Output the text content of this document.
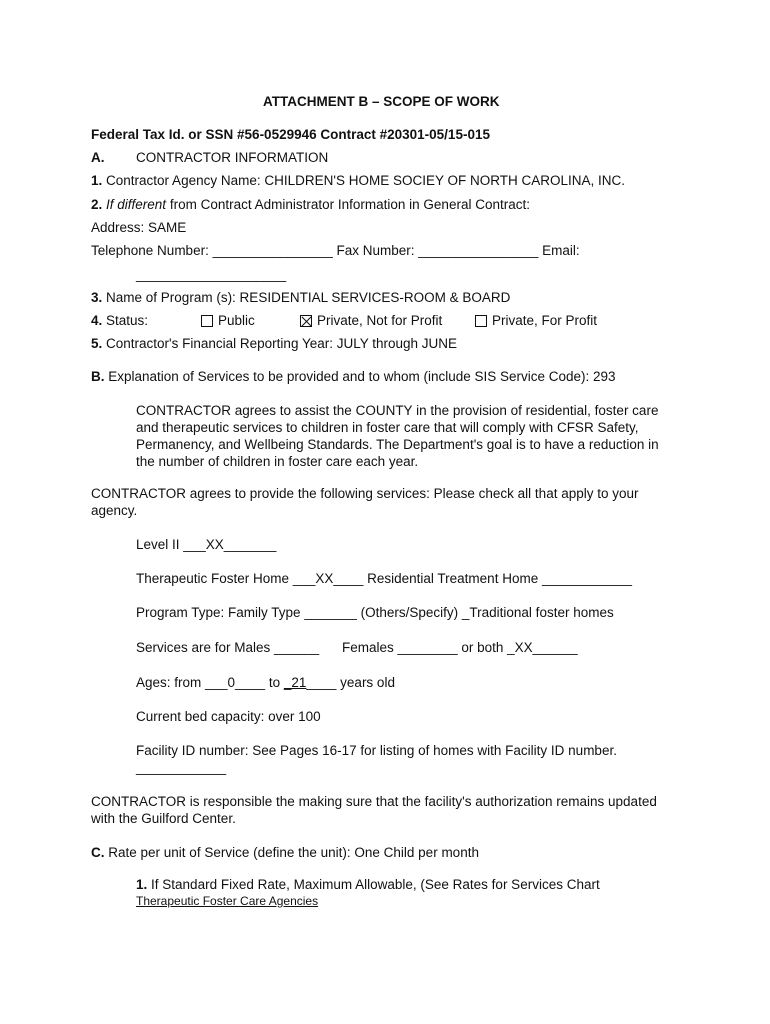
ATTACHMENT B – SCOPE OF WORK
Federal Tax Id. or SSN #56-0529946 Contract #20301-05/15-015
A. CONTRACTOR INFORMATION
1. Contractor Agency Name: CHILDREN'S HOME SOCIEY OF NORTH CAROLINA, INC.
2. If different from Contract Administrator Information in General Contract:
Address: SAME
Telephone Number: ________________ Fax Number: ________________ Email:
____________________
3. Name of Program (s): RESIDENTIAL SERVICES-ROOM & BOARD
4. Status:	Public	Private, Not for Profit	Private, For Profit
5. Contractor's Financial Reporting Year: JULY through JUNE
B. Explanation of Services to be provided and to whom (include SIS Service Code): 293
CONTRACTOR agrees to assist the COUNTY in the provision of residential, foster care
and therapeutic services to children in foster care that will comply with CFSR Safety,
Permanency, and Wellbeing Standards. The Department's goal is to have a reduction in
the number of children in foster care each year.
CONTRACTOR agrees to provide the following services: Please check all that apply to your
agency.
Level II ___XX_______
Therapeutic Foster Home ___XX____ Residential Treatment Home ____________
Program Type: Family Type _______ (Others/Specify) _Traditional foster homes
Services are for Males ______ Females ________ or both _XX______
Ages: from ___0____ to _21____ years old
Current bed capacity: over 100
Facility ID number: See Pages 16-17 for listing of homes with Facility ID number.
____________
CONTRACTOR is responsible the making sure that the facility's authorization remains updated
with the Guilford Center.
C. Rate per unit of Service (define the unit): One Child per month
1. If Standard Fixed Rate, Maximum Allowable, (See Rates for Services Chart
Therapeutic Foster Care Agencies
